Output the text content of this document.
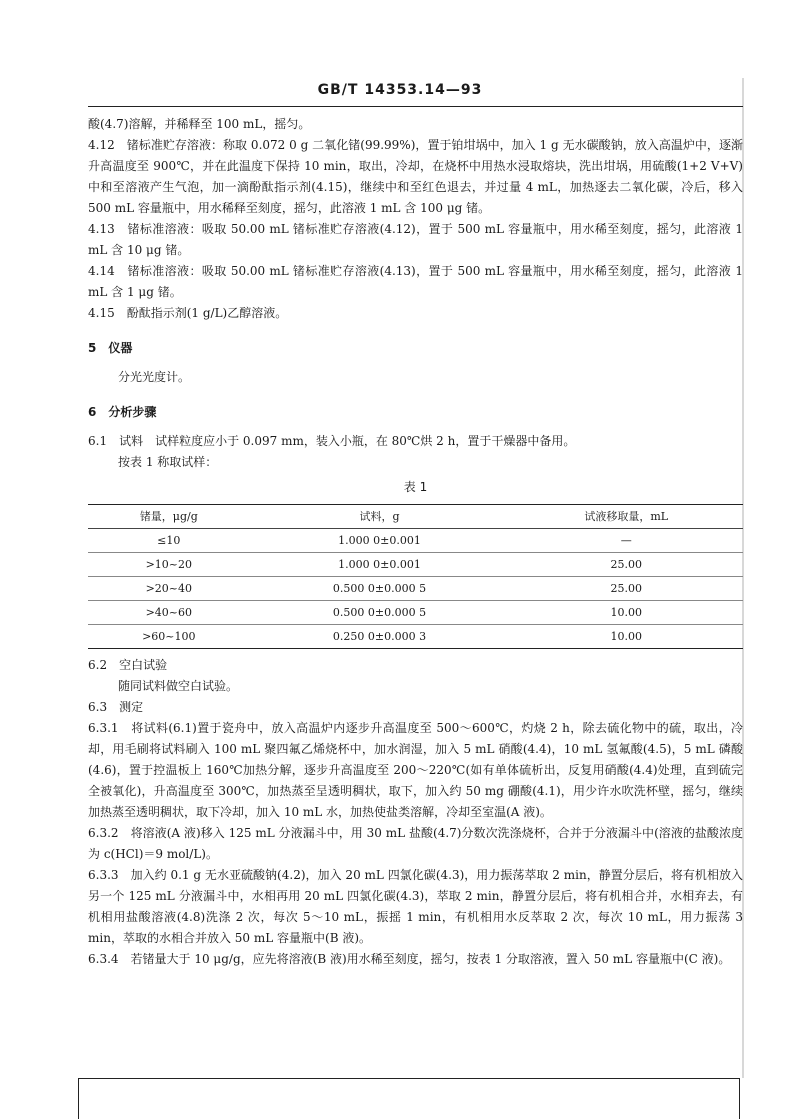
GB/T 14353.14—93

酸(4.7)溶解，并稀释至 100 mL，摇匀。

4.12　锗标准贮存溶液：称取 0.072 0 g 二氧化锗(99.99%)，置于铂坩埚中，加入 1 g 无水碳酸钠，放入高温炉中，逐渐升高温度至 900℃，并在此温度下保持 10 min，取出，冷却，在烧杯中用热水浸取熔块，洗出坩埚，用硫酸(1+2 V+V)中和至溶液产生气泡，加一滴酚酞指示剂(4.15)，继续中和至红色退去，并过量 4 mL，加热逐去二氧化碳，冷后，移入 500 mL 容量瓶中，用水稀释至刻度，摇匀，此溶液 1 mL 含 100 μg 锗。

4.13　锗标准溶液：吸取 50.00 mL 锗标准贮存溶液(4.12)，置于 500 mL 容量瓶中，用水稀至刻度，摇匀，此溶液 1 mL 含 10 μg 锗。

4.14　锗标准溶液：吸取 50.00 mL 锗标准贮存溶液(4.13)，置于 500 mL 容量瓶中，用水稀至刻度，摇匀，此溶液 1 mL 含 1 μg 锗。

4.15　酚酞指示剂(1 g/L)乙醇溶液。

5　仪器

分光光度计。

6　分析步骤

6.1　试料　试样粒度应小于 0.097 mm，装入小瓶，在 80℃烘 2 h，置于干燥器中备用。

按表 1 称取试样：

表 1
锗量，μg/g	试料，g	试液移取量，mL
≤10	1.000 0±0.001	—
>10~20	1.000 0±0.001	25.00
>20~40	0.500 0±0.000 5	25.00
>40~60	0.500 0±0.000 5	10.00
>60~100	0.250 0±0.000 3	10.00

6.2　空白试验

随同试料做空白试验。

6.3　测定

6.3.1　将试料(6.1)置于瓷舟中，放入高温炉内逐步升高温度至 500～600℃，灼烧 2 h，除去硫化物中的硫，取出，冷却，用毛刷将试料刷入 100 mL 聚四氟乙烯烧杯中，加水润湿，加入 5 mL 硝酸(4.4)，10 mL 氢氟酸(4.5)，5 mL 磷酸(4.6)，置于控温板上 160℃加热分解，逐步升高温度至 200～220℃(如有单体硫析出，反复用硝酸(4.4)处理，直到硫完全被氧化)，升高温度至 300℃，加热蒸至呈透明稠状，取下，加入约 50 mg 硼酸(4.1)，用少许水吹洗杯壁，摇匀，继续加热蒸至透明稠状，取下冷却，加入 10 mL 水，加热使盐类溶解，冷却至室温(A 液)。

6.3.2　将溶液(A 液)移入 125 mL 分液漏斗中，用 30 mL 盐酸(4.7)分数次洗涤烧杯，合并于分液漏斗中(溶液的盐酸浓度为 c(HCl)＝9 mol/L)。

6.3.3　加入约 0.1 g 无水亚硫酸钠(4.2)，加入 20 mL 四氯化碳(4.3)，用力振荡萃取 2 min，静置分层后，将有机相放入另一个 125 mL 分液漏斗中，水相再用 20 mL 四氯化碳(4.3)，萃取 2 min，静置分层后，将有机相合并，水相弃去，有机相用盐酸溶液(4.8)洗涤 2 次，每次 5～10 mL，振摇 1 min，有机相用水反萃取 2 次，每次 10 mL，用力振荡 3 min，萃取的水相合并放入 50 mL 容量瓶中(B 液)。

6.3.4　若锗量大于 10 μg/g，应先将溶液(B 液)用水稀至刻度，摇匀，按表 1 分取溶液，置入 50 mL 容量瓶中(C 液)。
